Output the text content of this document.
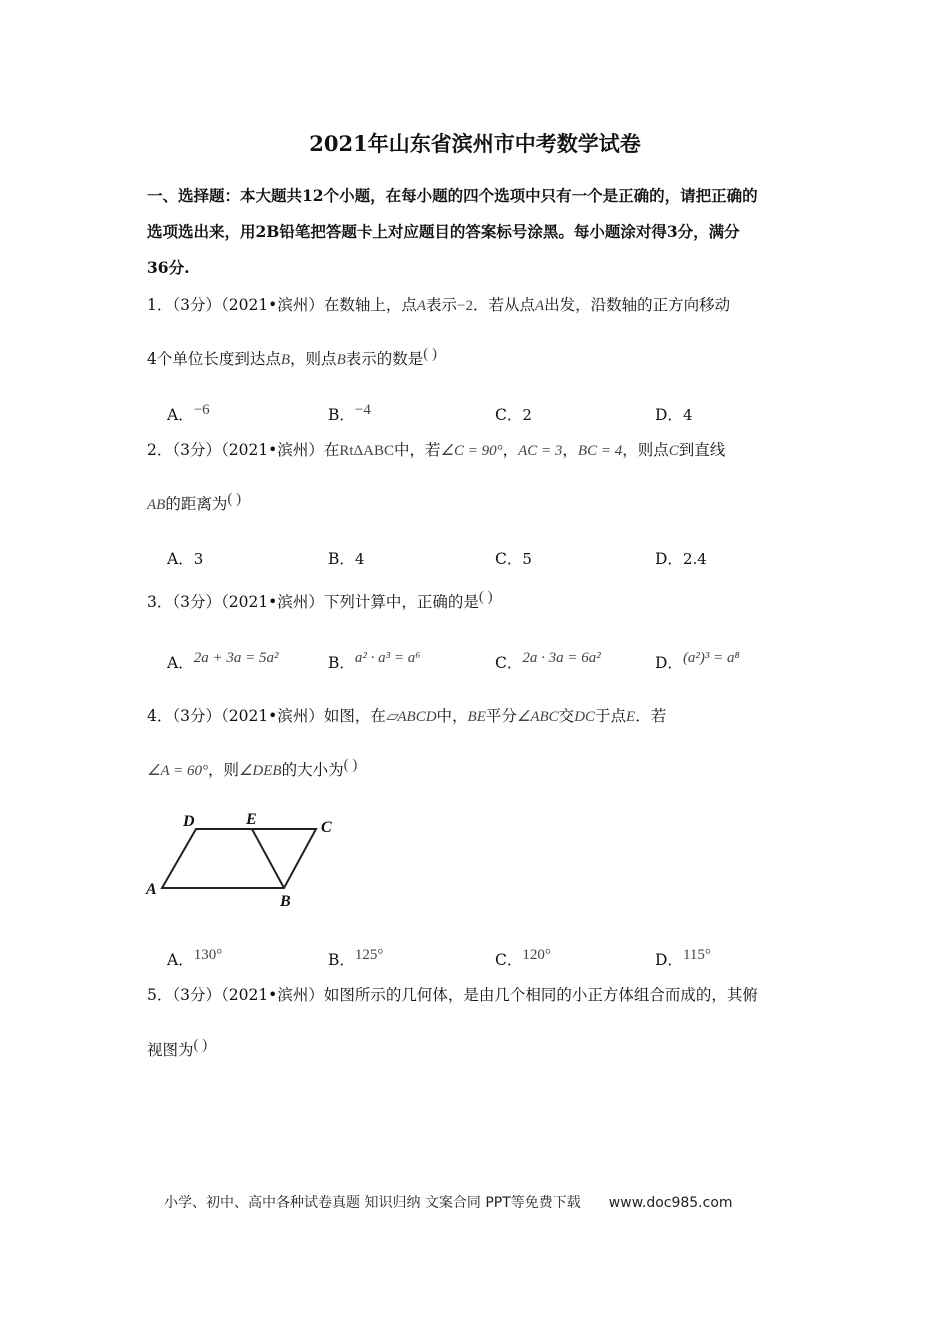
2021年山东省滨州市中考数学试卷
一、选择题：本大题共12个小题，在每小题的四个选项中只有一个是正确的，请把正确的
选项选出来，用2B铅笔把答题卡上对应题目的答案标号涂黑。每小题涂对得3分，满分
36分.
1．（3分）（2021•滨州）在数轴上，点A表示−2．若从点A出发，沿数轴的正方向移动
4个单位长度到达点B，则点B表示的数是( )
A．−6	B．−4	C．2	D．4
2．（3分）（2021•滨州）在RtΔABC中，若∠C = 90°，AC = 3，BC = 4，则点C到直线
AB的距离为( )
A．3	B．4	C．5	D．2.4
3．（3分）（2021•滨州）下列计算中，正确的是( )
A．2a + 3a = 5a²	B．a² · a³ = a⁶	C．2a · 3a = 6a²	D．(a²)³ = a⁸
4．（3分）（2021•滨州）如图，在▱ABCD中，BE平分∠ABC交DC于点E．若
∠A = 60°，则∠DEB的大小为( )
D	E	C
A
B
A．130°	B．125°	C．120°	D．115°
5．（3分）（2021•滨州）如图所示的几何体，是由几个相同的小正方体组合而成的，其俯
视图为( )
小学、初中、高中各种试卷真题 知识归纳 文案合同 PPT等免费下载 www.doc985.com
